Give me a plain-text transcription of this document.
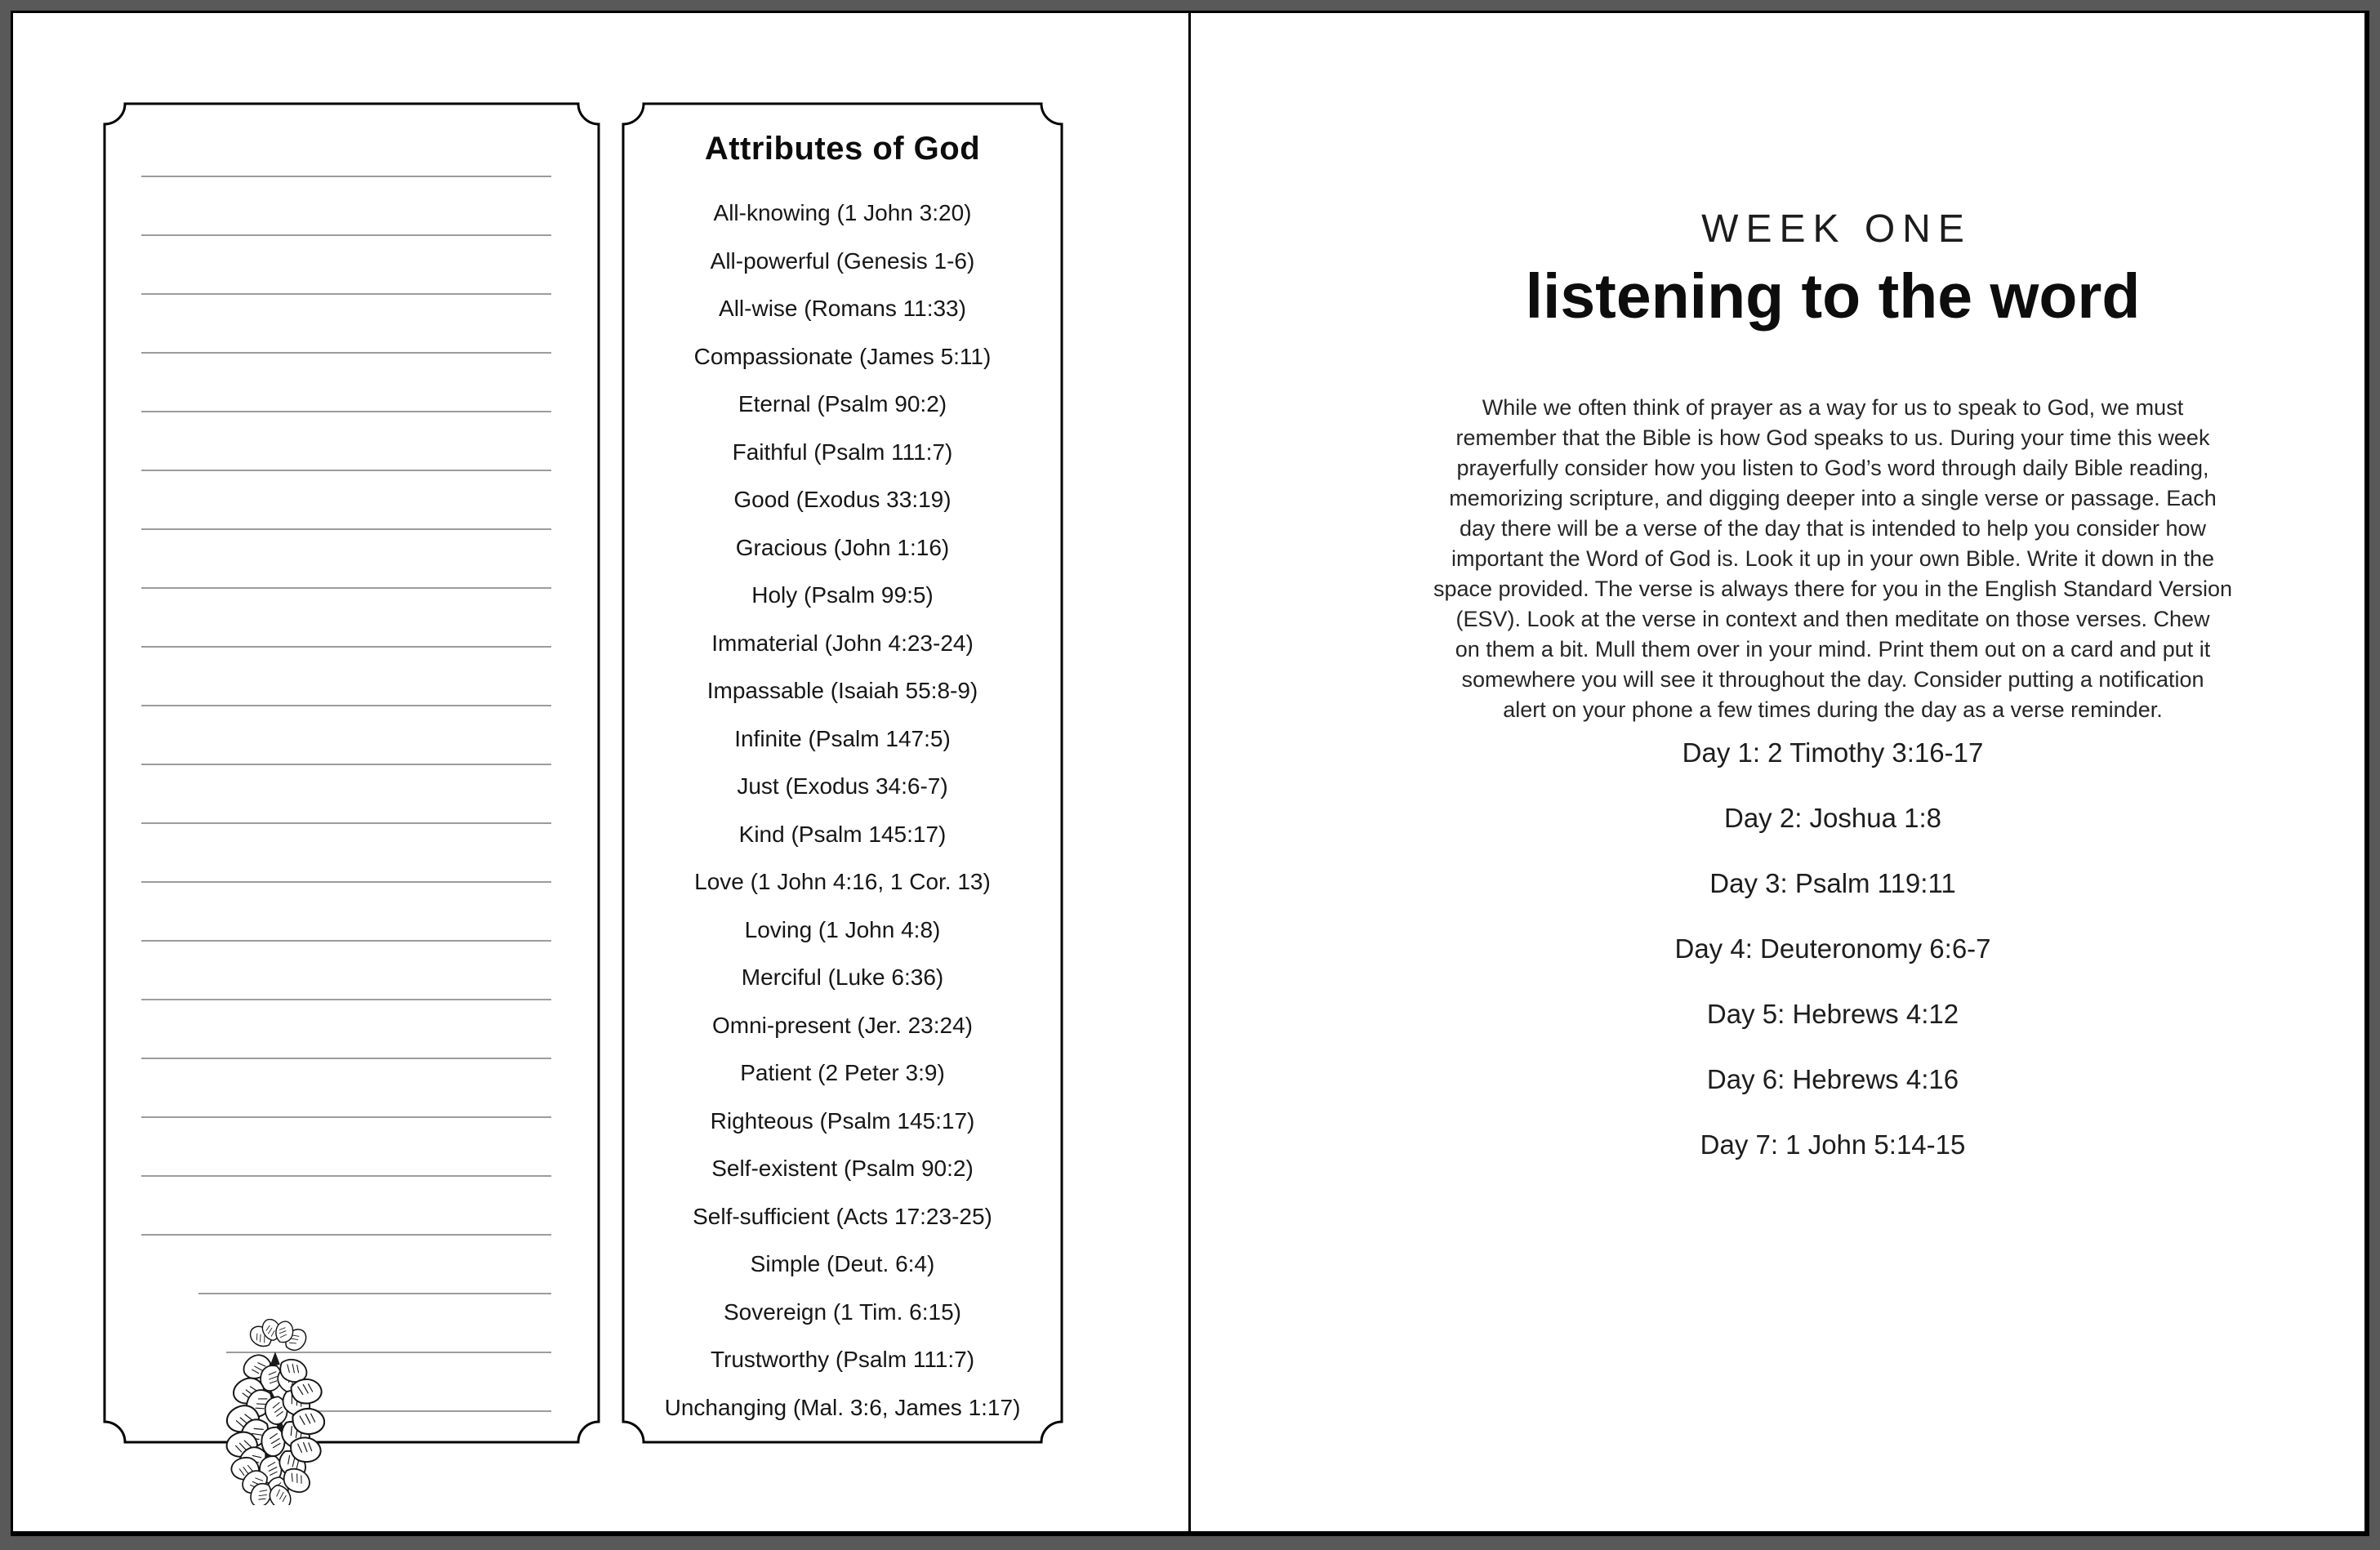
Attributes of God
All-knowing (1 John 3:20)
All-powerful (Genesis 1-6)
All-wise (Romans 11:33)
Compassionate (James 5:11)
Eternal (Psalm 90:2)
Faithful (Psalm 111:7)
Good (Exodus 33:19)
Gracious (John 1:16)
Holy (Psalm 99:5)
Immaterial (John 4:23-24)
Impassable (Isaiah 55:8-9)
Infinite (Psalm 147:5)
Just (Exodus 34:6-7)
Kind (Psalm 145:17)
Love (1 John 4:16, 1 Cor. 13)
Loving (1 John 4:8)
Merciful (Luke 6:36)
Omni-present (Jer. 23:24)
Patient (2 Peter 3:9)
Righteous (Psalm 145:17)
Self-existent (Psalm 90:2)
Self-sufficient (Acts 17:23-25)
Simple (Deut. 6:4)
Sovereign (1 Tim. 6:15)
Trustworthy (Psalm 111:7)
Unchanging (Mal. 3:6, James 1:17)
WEEK ONE
listening to the word
While we often think of prayer as a way for us to speak to God, we must
remember that the Bible is how God speaks to us. During your time this week
prayerfully consider how you listen to God’s word through daily Bible reading,
memorizing scripture, and digging deeper into a single verse or passage. Each
day there will be a verse of the day that is intended to help you consider how
important the Word of God is. Look it up in your own Bible. Write it down in the
space provided. The verse is always there for you in the English Standard Version
(ESV). Look at the verse in context and then meditate on those verses. Chew
on them a bit. Mull them over in your mind. Print them out on a card and put it
somewhere you will see it throughout the day. Consider putting a notification
alert on your phone a few times during the day as a verse reminder.
Day 1: 2 Timothy 3:16-17
Day 2: Joshua 1:8
Day 3: Psalm 119:11
Day 4: Deuteronomy 6:6-7
Day 5: Hebrews 4:12
Day 6: Hebrews 4:16
Day 7: 1 John 5:14-15
